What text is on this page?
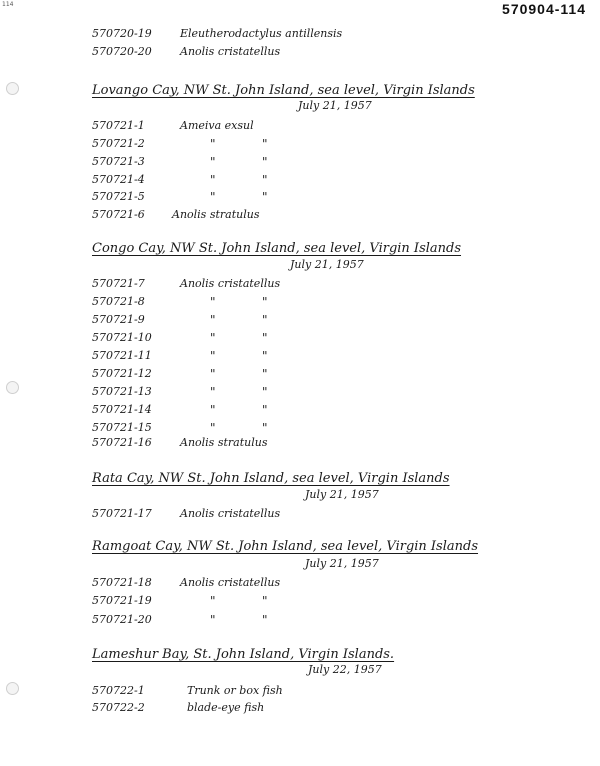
114	570904-114
570720-19	Eleutherodactylus antillensis
570720-20	Anolis cristatellus
Lovango Cay, NW St. John Island, sea level, Virgin Islands
July 21, 1957
570721-1	Ameiva exsul
570721-2	"	"
570721-3	"	"
570721-4	"	"
570721-5	"	"
570721-6 Anolis stratulus
Congo Cay, NW St. John Island, sea level, Virgin Islands
July 21, 1957
570721-7	Anolis cristatellus
570721-8	"	"
570721-9	"	"
570721-10	"	"
570721-11	"	"
570721-12	"	"
570721-13	"	"
570721-14	"	"
570721-15	"	"
570721-16	Anolis stratulus
Rata Cay, NW St. John Island, sea level, Virgin Islands
July 21, 1957
570721-17	Anolis cristatellus
Ramgoat Cay, NW St. John Island, sea level, Virgin Islands
July 21, 1957
570721-18	Anolis cristatellus
570721-19	"	"
570721-20	"	"
Lameshur Bay, St. John Island, Virgin Islands.
July 22, 1957
570722-1	Trunk or box fish
570722-2	blade-eye fish
